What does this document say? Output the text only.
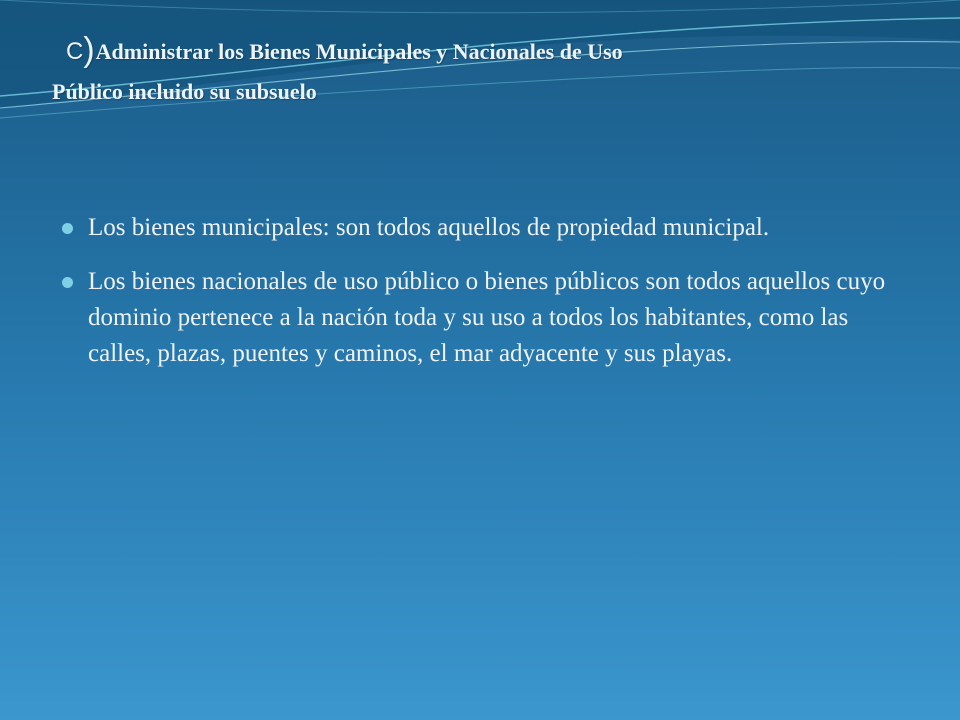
C)Administrar los Bienes Municipales y Nacionales de Uso
Público incluido su subsuelo
Los bienes municipales: son todos aquellos de propiedad municipal.
Los bienes nacionales de uso público o bienes públicos son todos aquellos cuyo dominio pertenece a la nación toda y su uso a todos los habitantes, como las calles, plazas, puentes y caminos, el mar adyacente y sus playas.
